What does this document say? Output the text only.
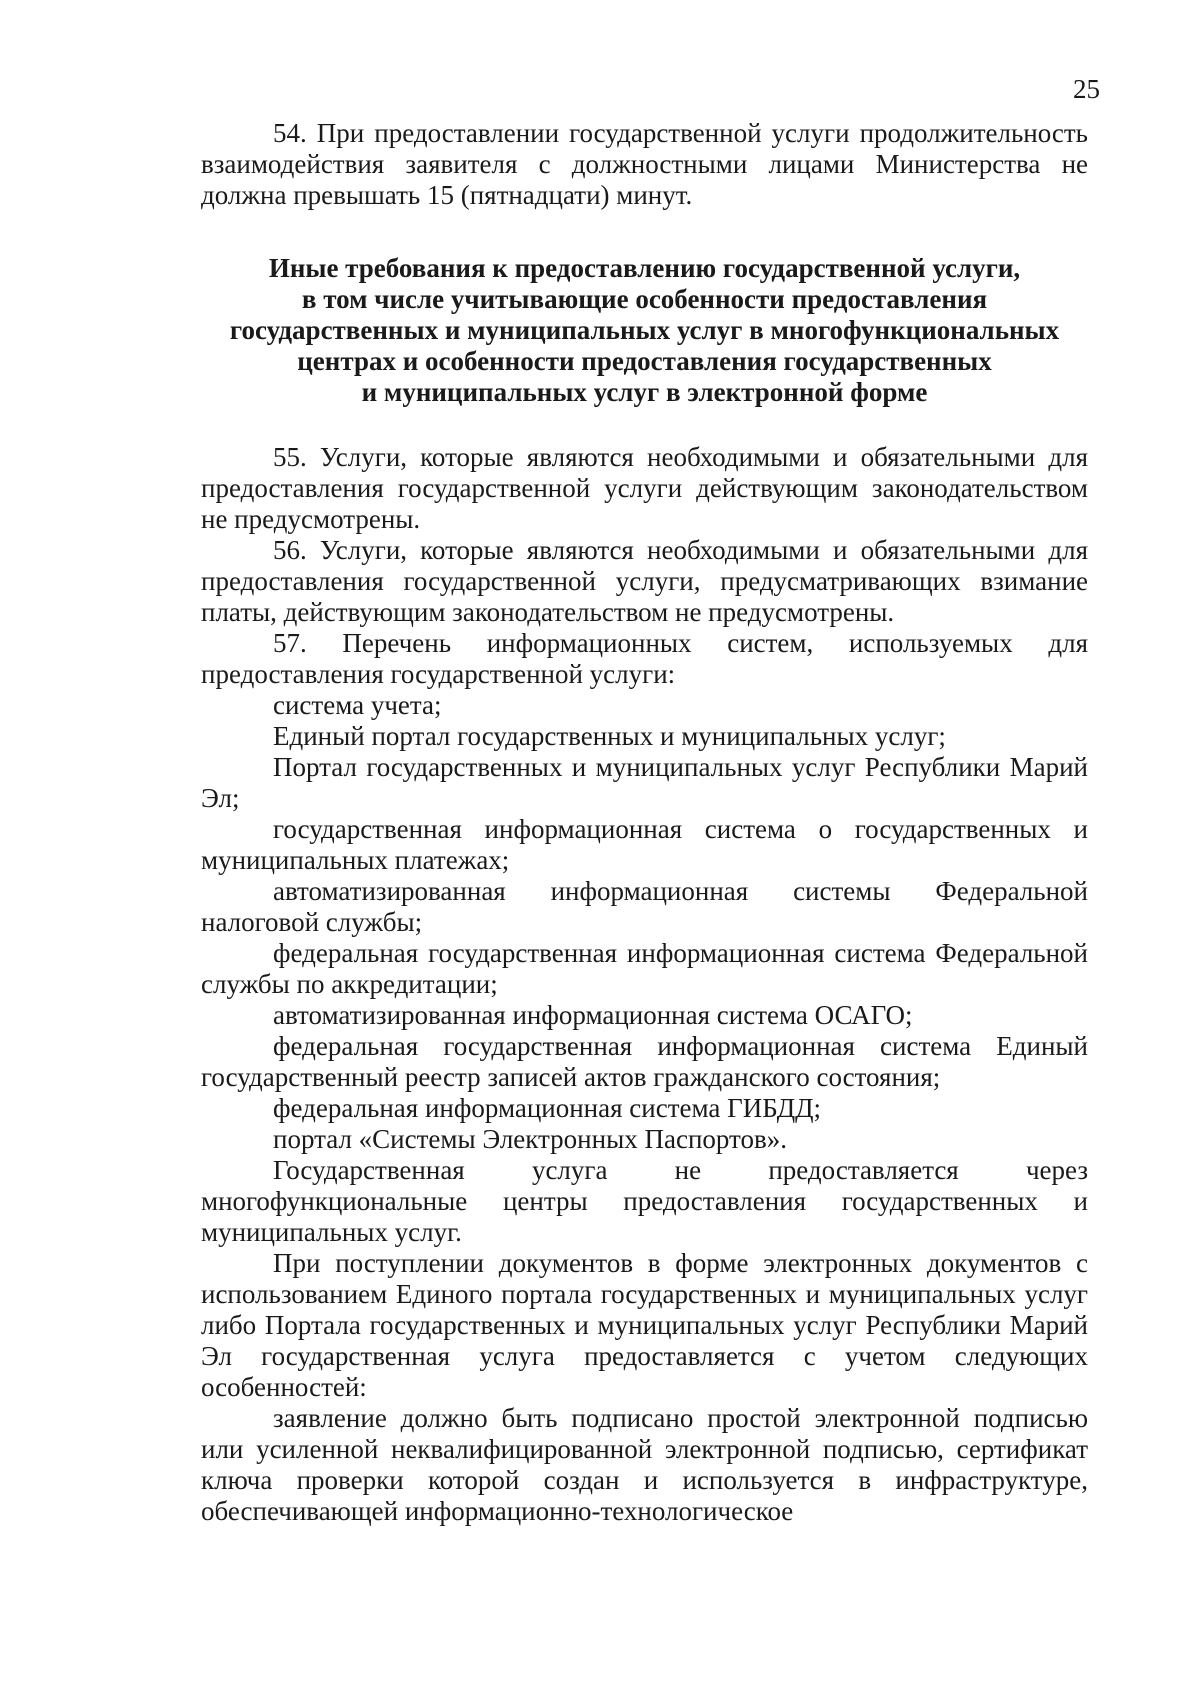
25

54. При предоставлении государственной услуги продолжительность взаимодействия заявителя с должностными лицами Министерства не должна превышать 15 (пятнадцати) минут.

Иные требования к предоставлению государственной услуги,
в том числе учитывающие особенности предоставления
государственных и муниципальных услуг в многофункциональных
центрах и особенности предоставления государственных
и муниципальных услуг в электронной форме

55. Услуги, которые являются необходимыми и обязательными для предоставления государственной услуги действующим законодательством не предусмотрены.

56. Услуги, которые являются необходимыми и обязательными для предоставления государственной услуги, предусматривающих взимание платы, действующим законодательством не предусмотрены.

57. Перечень информационных систем, используемых для предоставления государственной услуги:

система учета;

Единый портал государственных и муниципальных услуг;

Портал государственных и муниципальных услуг Республики Марий Эл;

государственная информационная система о государственных и муниципальных платежах;

автоматизированная информационная системы Федеральной налоговой службы;

федеральная государственная информационная система Федеральной службы по аккредитации;

автоматизированная информационная система ОСАГО;

федеральная государственная информационная система Единый государственный реестр записей актов гражданского состояния;

федеральная информационная система ГИБДД;

портал «Системы Электронных Паспортов».

Государственная услуга не предоставляется через многофункциональные центры предоставления государственных и муниципальных услуг.

При поступлении документов в форме электронных документов с использованием Единого портала государственных и муниципальных услуг либо Портала государственных и муниципальных услуг Республики Марий Эл государственная услуга предоставляется с учетом следующих особенностей:

заявление должно быть подписано простой электронной подписью или усиленной неквалифицированной электронной подписью, сертификат ключа проверки которой создан и используется в инфраструктуре, обеспечивающей информационно-технологическое
